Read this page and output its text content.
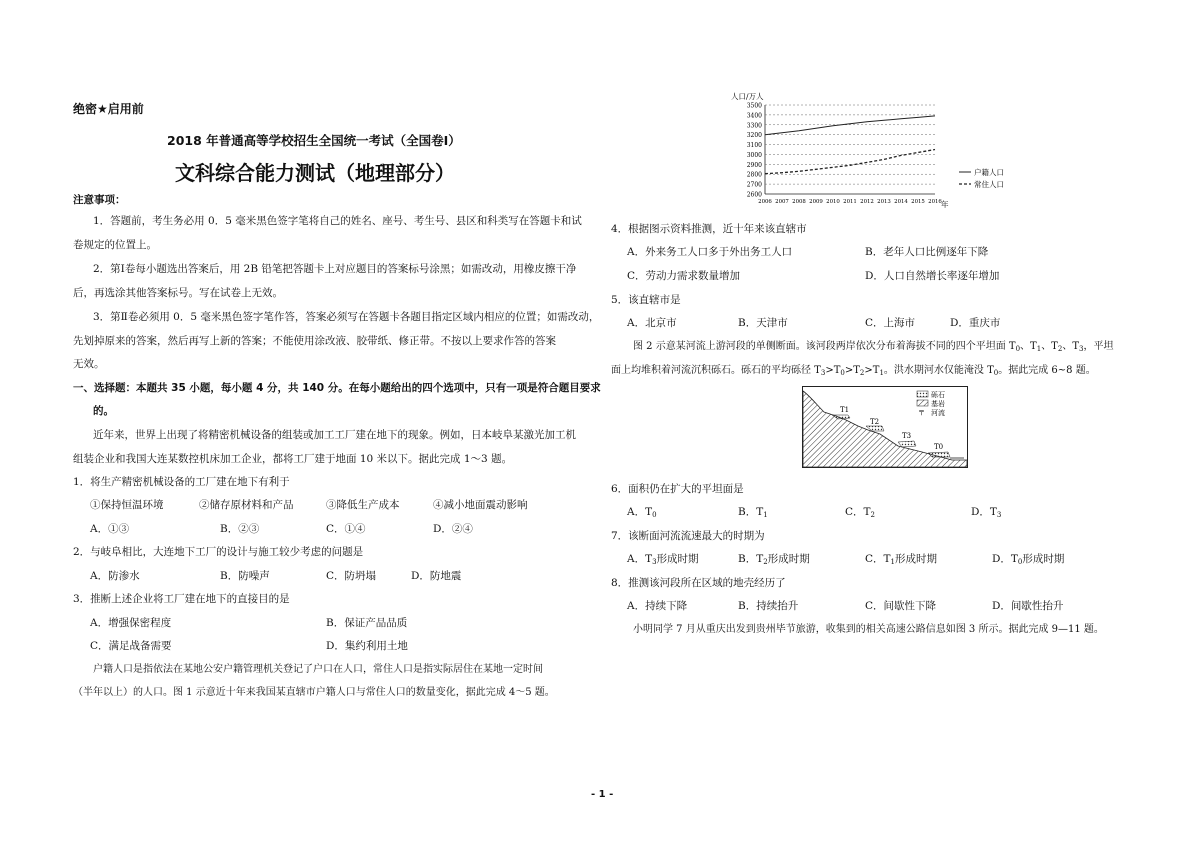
绝密★启用前
2018 年普通高等学校招生全国统一考试（全国卷Ⅰ）
文科综合能力测试（地理部分）
注意事项：
1．答题前，考生务必用 0．5 毫米黑色签字笔将自己的姓名、座号、考生号、县区和科类写在答题卡和试
卷规定的位置上。
2．第Ⅰ卷每小题选出答案后，用 2B 铅笔把答题卡上对应题目的答案标号涂黑；如需改动，用橡皮擦干净
后，再选涂其他答案标号。写在试卷上无效。
3．第Ⅱ卷必须用 0．5 毫米黑色签字笔作答，答案必须写在答题卡各题目指定区域内相应的位置；如需改动，
先划掉原来的答案，然后再写上新的答案；不能使用涂改液、胶带纸、修正带。不按以上要求作答的答案
无效。
一、选择题：本题共 35 小题，每小题 4 分，共 140 分。在每小题给出的四个选项中，只有一项是符合题目要求
的。
近年来，世界上出现了将精密机械设备的组装或加工工厂建在地下的现象。例如，日本岐阜某激光加工机
组装企业和我国大连某数控机床加工企业，都将工厂建于地面 10 米以下。据此完成 1～3 题。
1．将生产精密机械设备的工厂建在地下有利于
①保持恒温环境	②储存原材料和产品	③降低生产成本	④减小地面震动影响
A．①③	B．②③	C．①④	D．②④
2．与岐阜相比，大连地下工厂的设计与施工较少考虑的问题是
A．防渗水	B．防噪声	C．防坍塌	D．防地震
3．推断上述企业将工厂建在地下的直接目的是
A．增强保密程度	B．保证产品品质
C．满足战备需要	D．集约利用土地
户籍人口是指依法在某地公安户籍管理机关登记了户口在人口，常住人口是指实际居住在某地一定时间
（半年以上）的人口。图 1 示意近十年来我国某直辖市户籍人口与常住人口的数量变化，据此完成 4～5 题。
人口/万人
2600
2700
2800
2900
3000
3100
3200
3300
3400
3500
2006 2007 2008 2009 2010 2011 2012 2013 2014 2015 2016 年
户籍人口
常住人口
4．根据图示资料推测，近十年来该直辖市
A．外来务工人口多于外出务工人口	B．老年人口比例逐年下降
C．劳动力需求数量增加	D．人口自然增长率逐年增加
5．该直辖市是
A．北京市	B．天津市	C．上海市	D．重庆市
图 2 示意某河流上游河段的单侧断面。该河段两岸依次分布着海拔不同的四个平坦面 $T_0$、$T_1$、$T_2$、$T_3$，平坦
面上均堆积着河流沉积砾石。砾石的平均砾径 $T_3>T_0>T_2>T_1$。洪水期河水仅能淹没 $T_0$。据此完成 6~8 题。
T1
T2
T3
T0
砾石
基岩
〒 河流
6．面积仍在扩大的平坦面是
A．$T_0$	B．$T_1$	C．$T_2$	D．$T_3$
7．该断面河流流速最大的时期为
A．$T_3$形成时期	B．$T_2$形成时期	C．$T_1$形成时期	D．$T_0$形成时期
8．推测该河段所在区域的地壳经历了
A．持续下降	B．持续抬升	C．间歇性下降	D．间歇性抬升
小明同学 7 月从重庆出发到贵州毕节旅游，收集到的相关高速公路信息如图 3 所示。据此完成 9—11 题。
- 1 -
